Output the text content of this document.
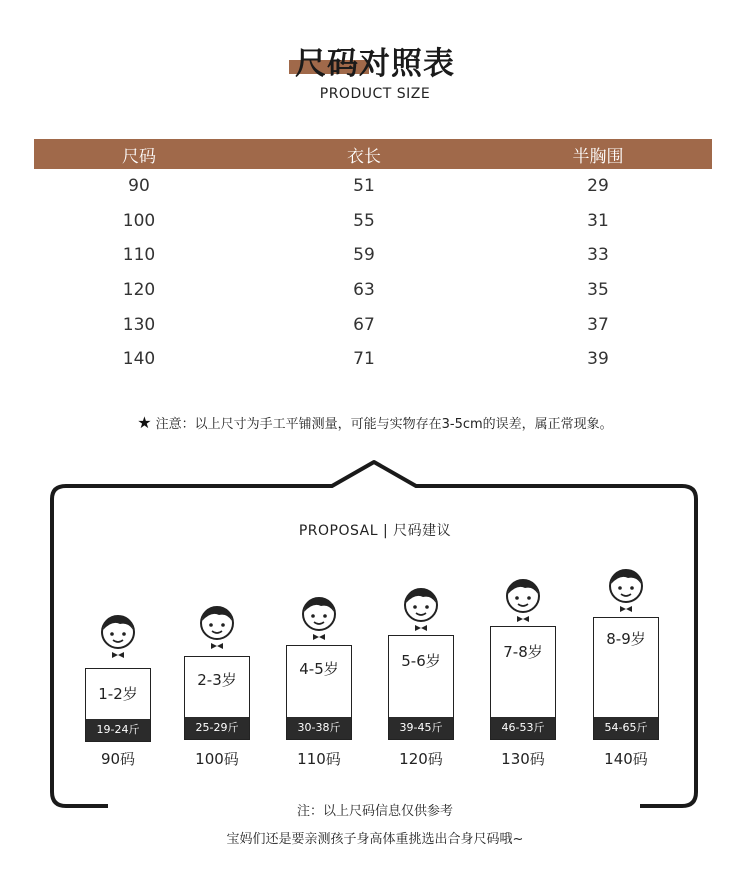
尺码对照表
PRODUCT SIZE
尺码	衣长	半胸围
90	51	29
100	55	31
110	59	33
120	63	35
130	67	37
140	71	39
★ 注意：以上尺寸为手工平铺测量，可能与实物存在3-5cm的误差，属正常现象。
PROPOSAL | 尺码建议
1-2岁
19-24斤
90码
2-3岁
25-29斤
100码
4-5岁
30-38斤
110码
5-6岁
39-45斤
120码
7-8岁
46-53斤
130码
8-9岁
54-65斤
140码
注：以上尺码信息仅供参考
宝妈们还是要亲测孩子身高体重挑选出合身尺码哦~
